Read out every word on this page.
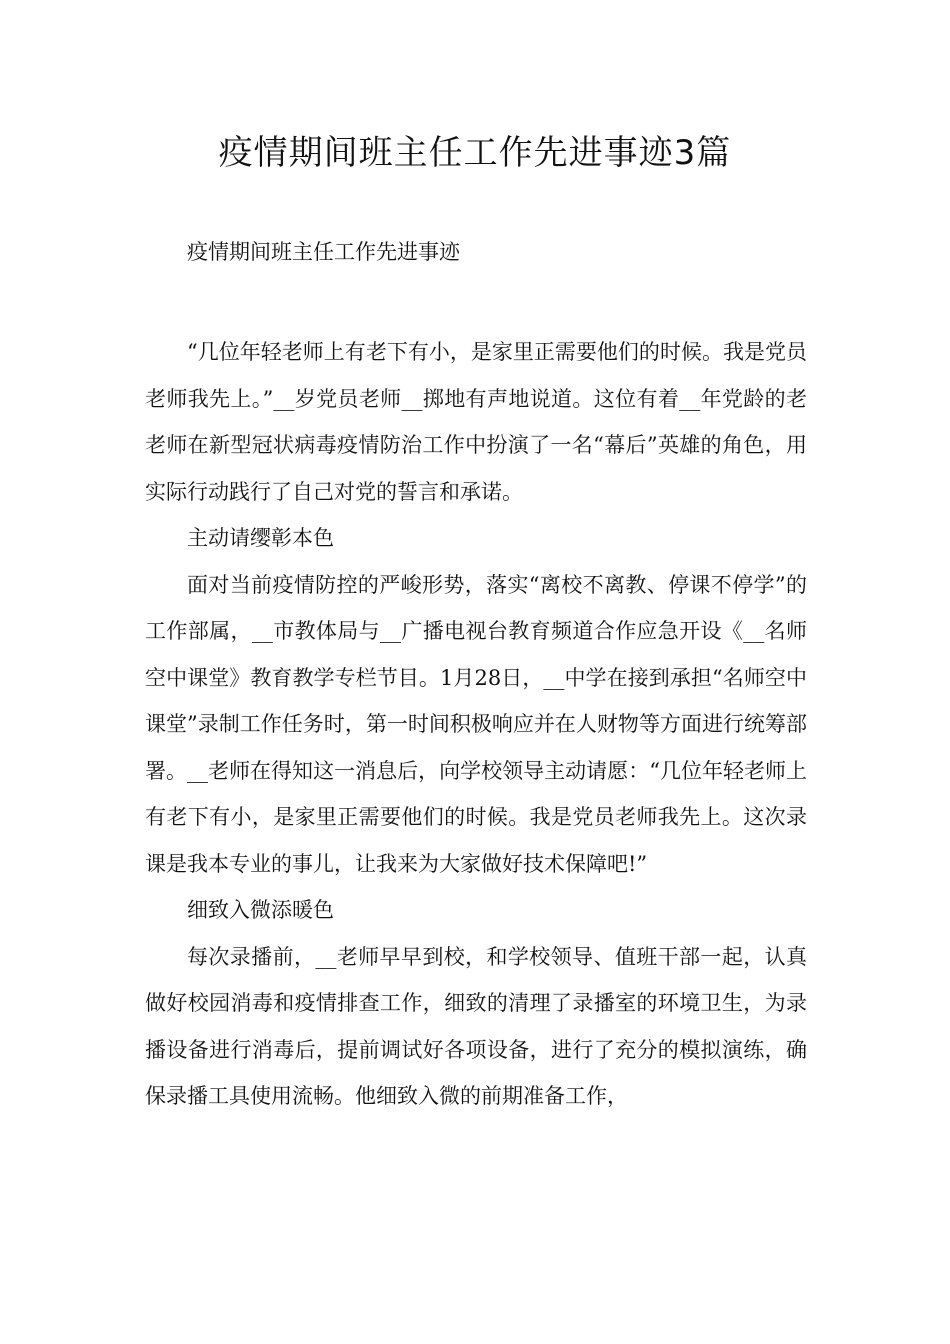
疫情期间班主任工作先进事迹3篇

疫情期间班主任工作先进事迹

“几位年轻老师上有老下有小，是家里正需要他们的时候。我是党员老师我先上。”__岁党员老师__掷地有声地说道。这位有着__年党龄的老老师在新型冠状病毒疫情防治工作中扮演了一名“幕后”英雄的角色，用实际行动践行了自己对党的誓言和承诺。

主动请缨彰本色

面对当前疫情防控的严峻形势，落实“离校不离教、停课不停学”的工作部属，__市教体局与__广播电视台教育频道合作应急开设《__名师空中课堂》教育教学专栏节目。1月28日，__中学在接到承担“名师空中课堂”录制工作任务时，第一时间积极响应并在人财物等方面进行统筹部署。__老师在得知这一消息后，向学校领导主动请愿：“几位年轻老师上有老下有小，是家里正需要他们的时候。我是党员老师我先上。这次录课是我本专业的事儿，让我来为大家做好技术保障吧!”

细致入微添暖色

每次录播前，__老师早早到校，和学校领导、值班干部一起，认真做好校园消毒和疫情排查工作，细致的清理了录播室的环境卫生，为录播设备进行消毒后，提前调试好各项设备，进行了充分的模拟演练，确保录播工具使用流畅。他细致入微的前期准备工作，
